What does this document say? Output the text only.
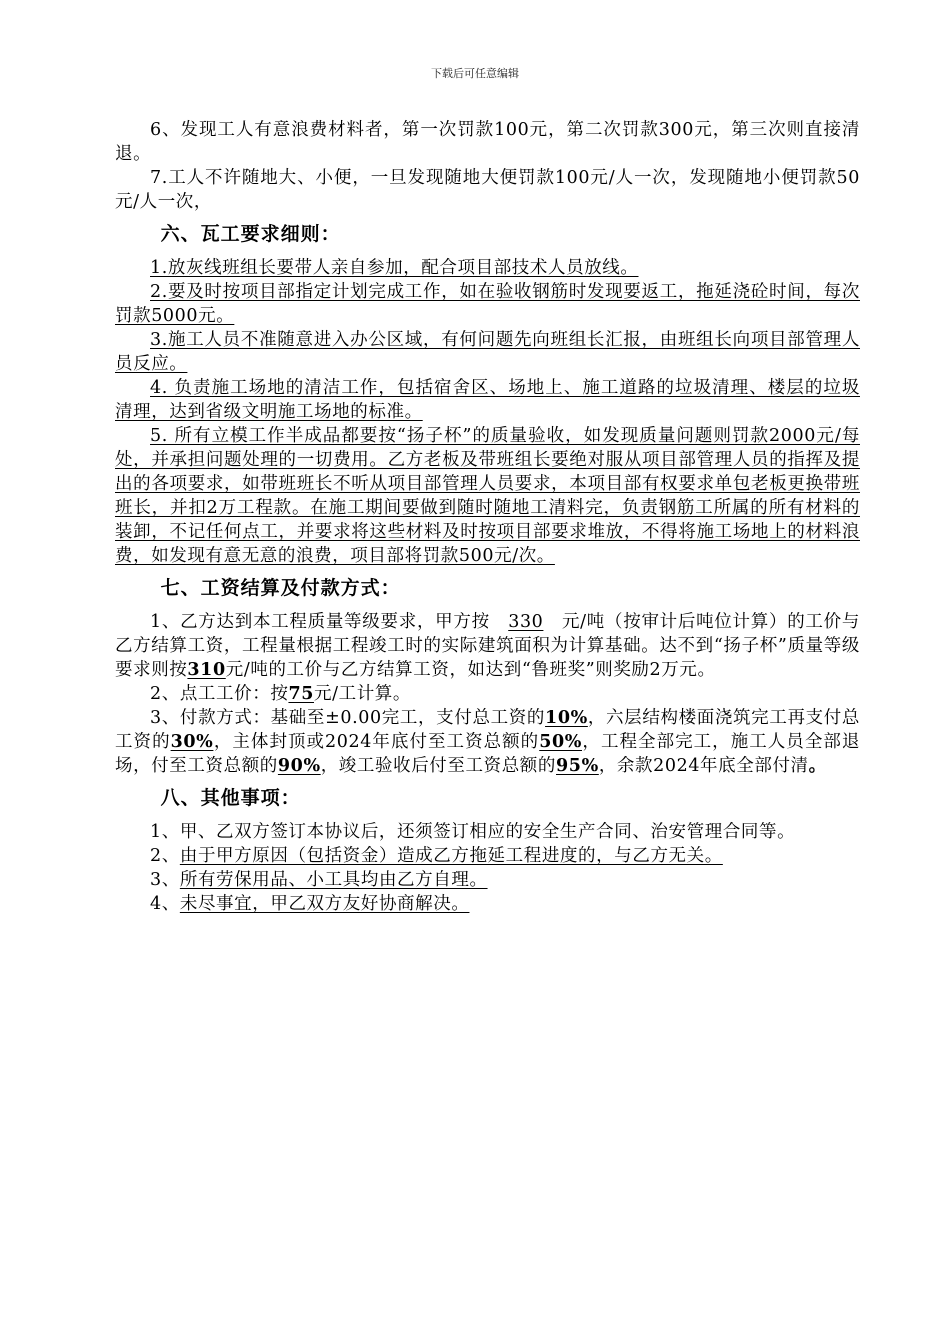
下载后可任意编辑

6、发现工人有意浪费材料者，第一次罚款100元，第二次罚款300元，第三次则直接清退。

7.工人不许随地大、小便，一旦发现随地大便罚款100元/人一次，发现随地小便罚款50元/人一次，

六、瓦工要求细则：

1.放灰线班组长要带人亲自参加，配合项目部技术人员放线。

2.要及时按项目部指定计划完成工作，如在验收钢筋时发现要返工，拖延浇砼时间，每次罚款5000元。

3.施工人员不准随意进入办公区域，有何问题先向班组长汇报，由班组长向项目部管理人员反应。

4. 负责施工场地的清洁工作，包括宿舍区、场地上、施工道路的垃圾清理、楼层的垃圾清理，达到省级文明施工场地的标准。

5. 所有立模工作半成品都要按“扬子杯”的质量验收，如发现质量问题则罚款2000元/每处，并承担问题处理的一切费用。乙方老板及带班组长要绝对服从项目部管理人员的指挥及提出的各项要求，如带班班长不听从项目部管理人员要求，本项目部有权要求单包老板更换带班班长，并扣2万工程款。在施工期间要做到随时随地工清料完，负责钢筋工所属的所有材料的装卸，不记任何点工，并要求将这些材料及时按项目部要求堆放，不得将施工场地上的材料浪费，如发现有意无意的浪费，项目部将罚款500元/次。

七、工资结算及付款方式：

1、乙方达到本工程质量等级要求，甲方按 330 元/吨（按审计后吨位计算）的工价与乙方结算工资，工程量根据工程竣工时的实际建筑面积为计算基础。达不到“扬子杯”质量等级要求则按310元/吨的工价与乙方结算工资，如达到“鲁班奖”则奖励2万元。

2、点工工价：按75元/工计算。

3、付款方式：基础至±0.00完工，支付总工资的10%，六层结构楼面浇筑完工再支付总工资的30%，主体封顶或2024年底付至工资总额的50%，工程全部完工，施工人员全部退场，付至工资总额的90%，竣工验收后付至工资总额的95%，余款2024年底全部付清。

八、其他事项：

1、甲、乙双方签订本协议后，还须签订相应的安全生产合同、治安管理合同等。

2、由于甲方原因（包括资金）造成乙方拖延工程进度的，与乙方无关。

3、所有劳保用品、小工具均由乙方自理。

4、未尽事宜，甲乙双方友好协商解决。
